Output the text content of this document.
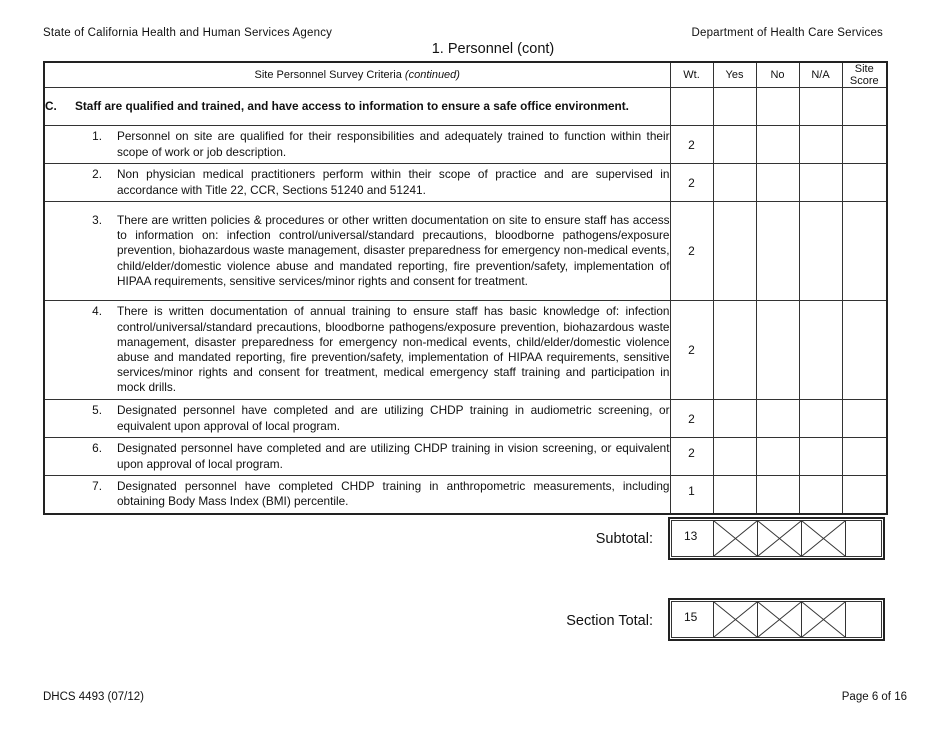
State of California Health and Human Services Agency	Department of Health Care Services
1. Personnel (cont)
Site Personnel Survey Criteria (continued)	Wt.	Yes	No	N/A	Site
Score

C. Staff are qualified and trained, and have access to information to ensure a safe office environment.					

1. Personnel on site are qualified for their responsibilities and adequately trained to function within their scope of work or job description.	2				

2. Non physician medical practitioners perform within their scope of practice and are supervised in accordance with Title 22, CCR, Sections 51240 and 51241.	2				

3. There are written policies & procedures or other written documentation on site to ensure staff has access to information on: infection control/universal/standard precautions, bloodborne pathogens/exposure prevention, biohazardous waste management, disaster preparedness for emergency non-medical events, child/elder/domestic violence abuse and mandated reporting, fire prevention/safety, implementation of HIPAA requirements, sensitive services/minor rights and consent for treatment.	2				

4. There is written documentation of annual training to ensure staff has basic knowledge of: infection control/universal/standard precautions, bloodborne pathogens/exposure prevention, biohazardous waste management, disaster preparedness for emergency non-medical events, child/elder/domestic violence abuse and mandated reporting, fire prevention/safety, implementation of HIPAA requirements, sensitive services/minor rights and consent for treatment, medical emergency staff training and participation in mock drills.	2				

5. Designated personnel have completed and are utilizing CHDP training in audiometric screening, or equivalent upon approval of local program.	2				

6. Designated personnel have completed and are utilizing CHDP training in vision screening, or equivalent upon approval of local program.	2				

7. Designated personnel have completed CHDP training in anthropometric measurements, including obtaining Body Mass Index (BMI) percentile.	1				
Subtotal:	13
Section Total:	15
DHCS 4493 (07/12)	Page 6 of 16
